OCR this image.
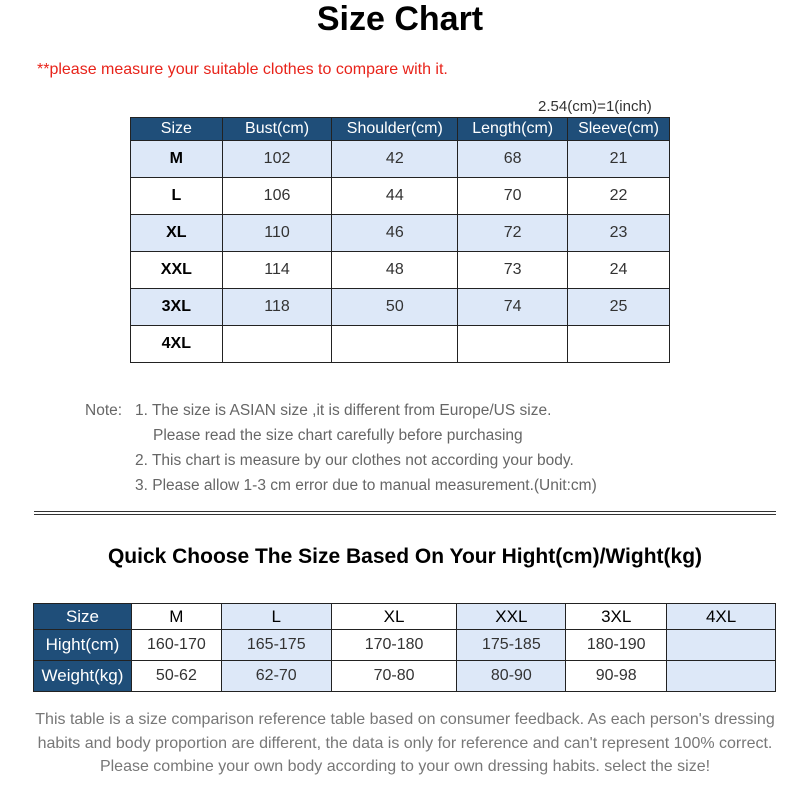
Size Chart
**please measure your suitable clothes to compare with it.
2.54(cm)=1(inch)
Size	Bust(cm)	Shoulder(cm)	Length(cm)	Sleeve(cm)
M	102	42	68	21
L	106	44	70	22
XL	110	46	72	23
XXL	114	48	73	24
3XL	118	50	74	25
4XL				
Note: 1. The size is ASIAN size ,it is different from Europe/US size.
Please read the size chart carefully before purchasing
2. This chart is measure by our clothes not according your body.
3. Please allow 1-3 cm error due to manual measurement.(Unit:cm)
Quick Choose The Size Based On Your Hight(cm)/Wight(kg)
Size	M	L	XL	XXL	3XL	4XL
Hight(cm)	160-170	165-175	170-180	175-185	180-190	
Weight(kg)	50-62	62-70	70-80	80-90	90-98	
This table is a size comparison reference table based on consumer feedback. As each person's dressing habits and body proportion are different, the data is only for reference and can't represent 100% correct. Please combine your own body according to your own dressing habits. select the size!
